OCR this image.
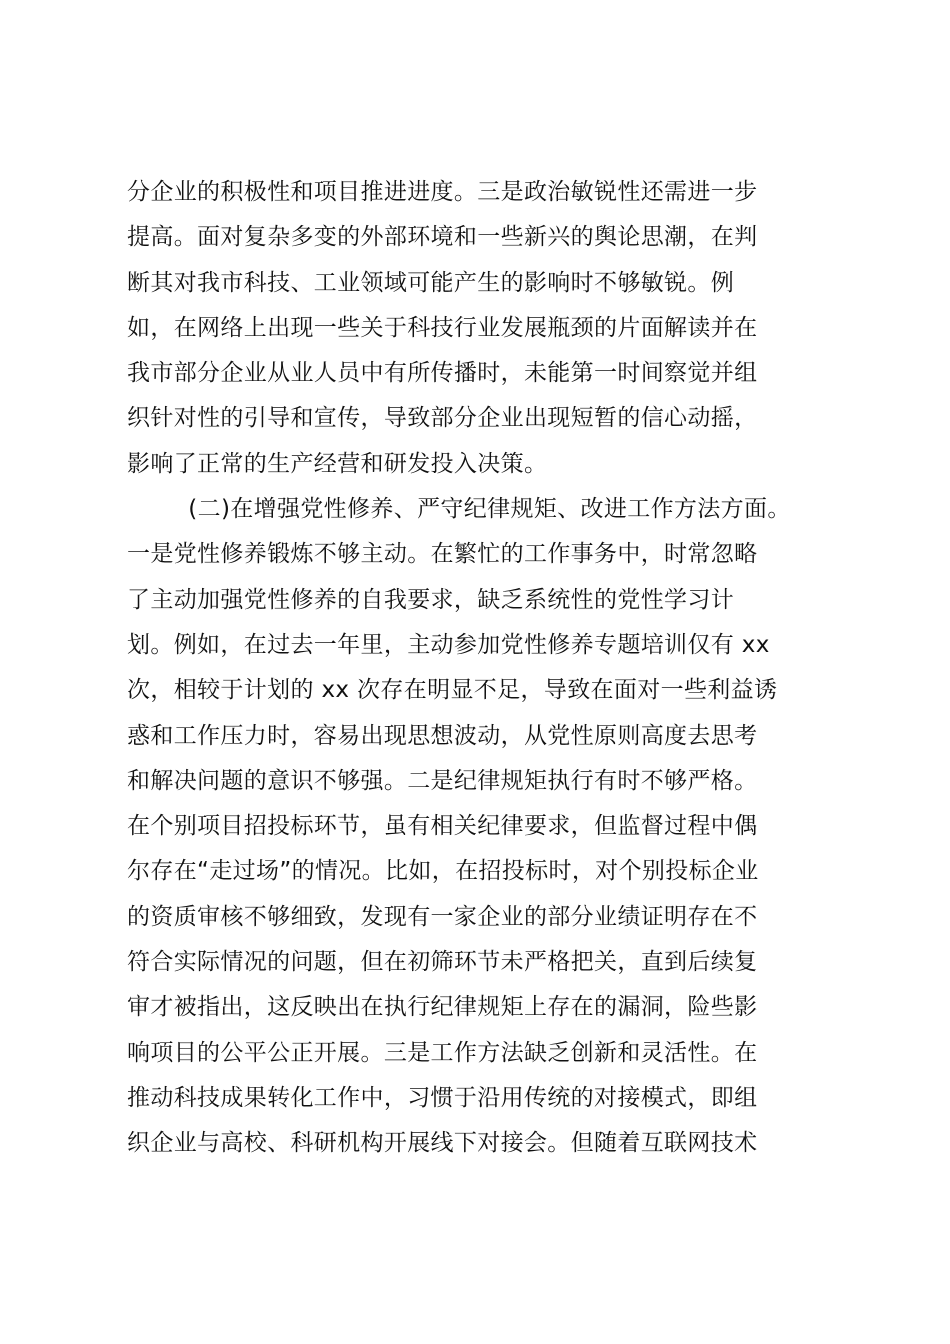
分企业的积极性和项目推进进度。三是政治敏锐性还需进一步
提高。面对复杂多变的外部环境和一些新兴的舆论思潮，在判
断其对我市科技、工业领域可能产生的影响时不够敏锐。例
如，在网络上出现一些关于科技行业发展瓶颈的片面解读并在
我市部分企业从业人员中有所传播时，未能第一时间察觉并组
织针对性的引导和宣传，导致部分企业出现短暂的信心动摇，
影响了正常的生产经营和研发投入决策。
(二)在增强党性修养、严守纪律规矩、改进工作方法方面。
一是党性修养锻炼不够主动。在繁忙的工作事务中，时常忽略
了主动加强党性修养的自我要求，缺乏系统性的党性学习计
划。例如，在过去一年里，主动参加党性修养专题培训仅有 xx
次，相较于计划的 xx 次存在明显不足，导致在面对一些利益诱
惑和工作压力时，容易出现思想波动，从党性原则高度去思考
和解决问题的意识不够强。二是纪律规矩执行有时不够严格。
在个别项目招投标环节，虽有相关纪律要求，但监督过程中偶
尔存在“走过场”的情况。比如，在招投标时，对个别投标企业
的资质审核不够细致，发现有一家企业的部分业绩证明存在不
符合实际情况的问题，但在初筛环节未严格把关，直到后续复
审才被指出，这反映出在执行纪律规矩上存在的漏洞，险些影
响项目的公平公正开展。三是工作方法缺乏创新和灵活性。在
推动科技成果转化工作中，习惯于沿用传统的对接模式，即组
织企业与高校、科研机构开展线下对接会。但随着互联网技术
